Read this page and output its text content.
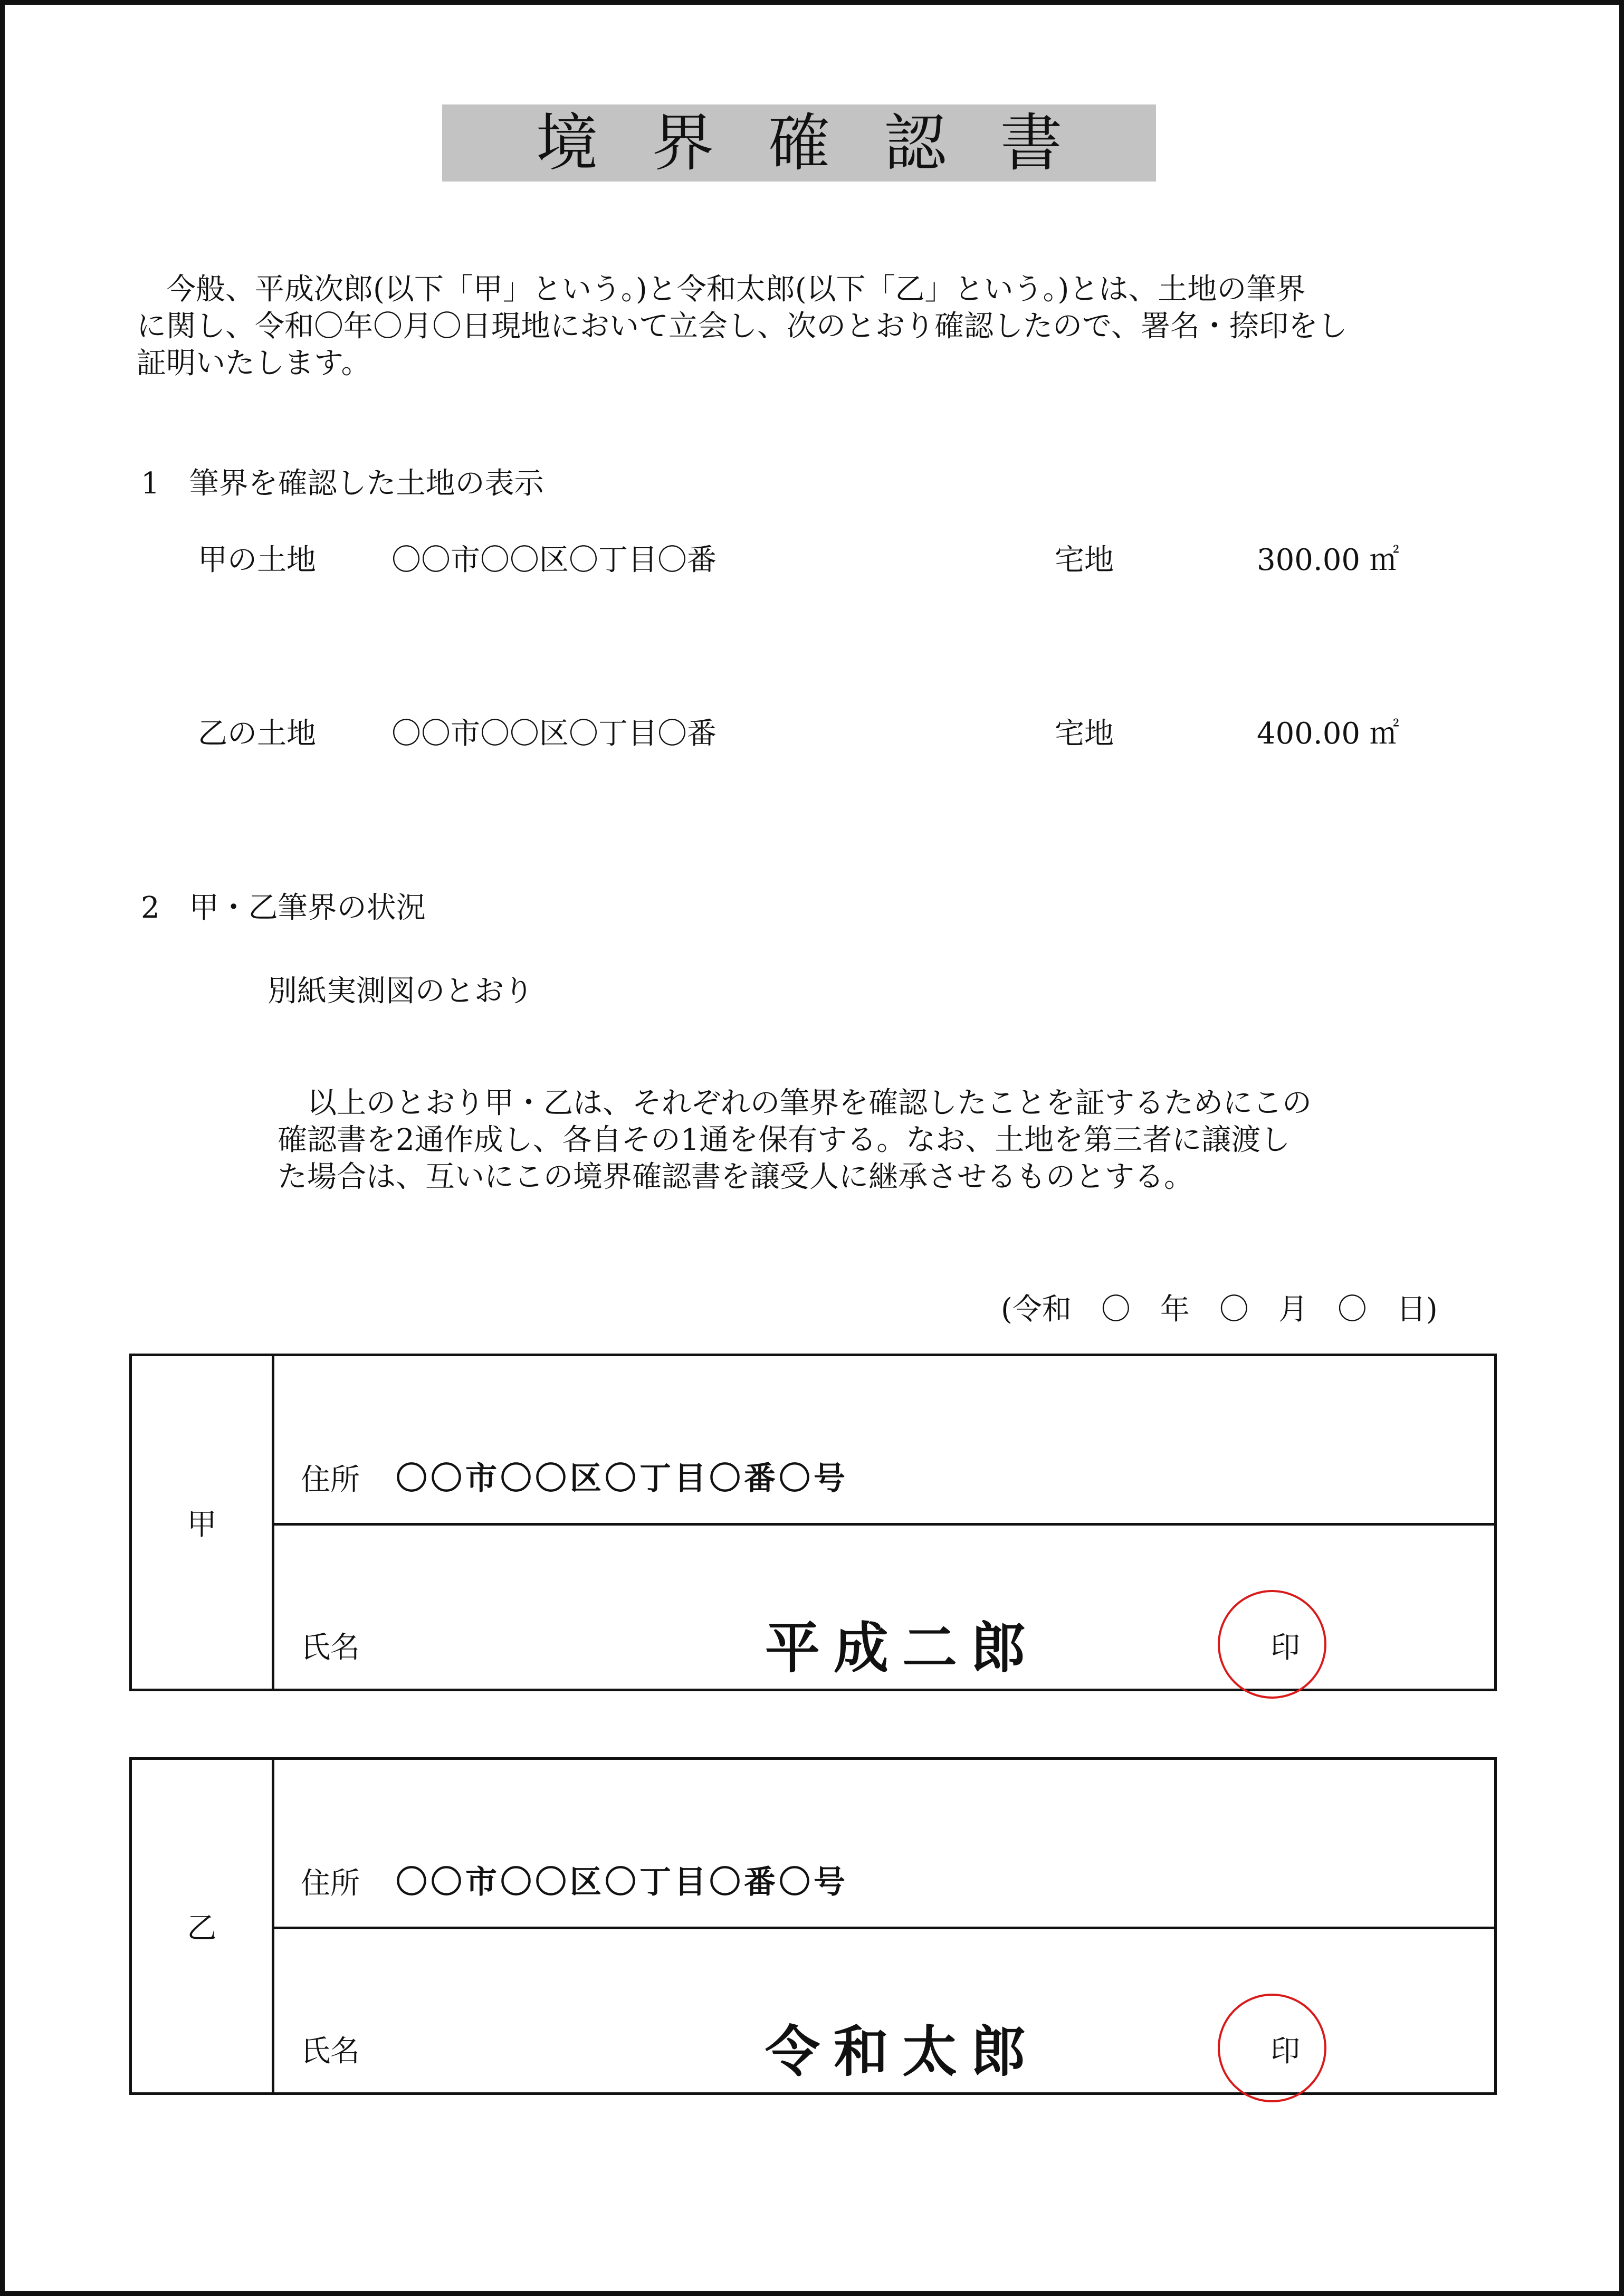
境界確認書
　今般、平成次郎(以下「甲」という。)と令和太郎(以下「乙」という。)とは、土地の筆界
に関し、令和〇年〇月〇日現地において立会し、次のとおり確認したので、署名・捺印をし
証明いたします。
1　筆界を確認した土地の表示
甲の土地	〇〇市〇〇区〇丁目〇番	宅地	300.00 ㎡
乙の土地	〇〇市〇〇区〇丁目〇番	宅地	400.00 ㎡
2　甲・乙筆界の状況
別紙実測図のとおり
　以上のとおり甲・乙は、それぞれの筆界を確認したことを証するためにこの
確認書を2通作成し、各自その1通を保有する。なお、土地を第三者に譲渡し
た場合は、互いにこの境界確認書を譲受人に継承させるものとする。
(令和　〇　年　〇　月　〇　日)
甲
住所 〇〇市〇〇区〇丁目〇番〇号
氏名	平成二郎	印
乙
住所 〇〇市〇〇区〇丁目〇番〇号
氏名	令和太郎	印
